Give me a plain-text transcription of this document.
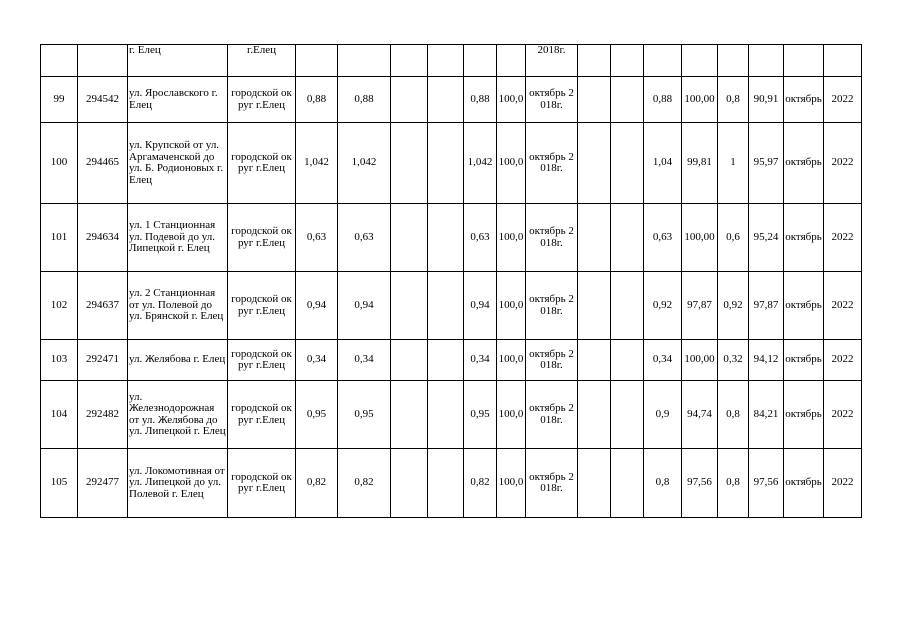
		г. Елец	г.Елец							2018г.								
99	294542	ул. Ярославского г. Елец	городской округ г.Елец	0,88	0,88			0,88	100,0	октябрь 2018г.			0,88	100,00	0,8	90,91	октябрь	2022
100	294465	ул. Крупской от ул. Аргамаченской до ул. Б. Родионовых г. Елец	городской округ г.Елец	1,042	1,042			1,042	100,0	октябрь 2018г.			1,04	99,81	1	95,97	октябрь	2022
101	294634	ул. 1 Станционная ул. Подевой до ул. Липецкой г. Елец	городской округ г.Елец	0,63	0,63			0,63	100,0	октябрь 2018г.			0,63	100,00	0,6	95,24	октябрь	2022
102	294637	ул. 2 Станционная от ул. Полевой до ул. Брянской г. Елец	городской округ г.Елец	0,94	0,94			0,94	100,0	октябрь 2018г.			0,92	97,87	0,92	97,87	октябрь	2022
103	292471	ул. Желябова г. Елец	городской округ г.Елец	0,34	0,34			0,34	100,0	октябрь 2018г.			0,34	100,00	0,32	94,12	октябрь	2022
104	292482	ул. Железнодорожная от ул. Желябова до ул. Липецкой г. Елец	городской округ г.Елец	0,95	0,95			0,95	100,0	октябрь 2018г.			0,9	94,74	0,8	84,21	октябрь	2022
105	292477	ул. Локомотивная от ул. Липецкой до ул. Полевой г. Елец	городской округ г.Елец	0,82	0,82			0,82	100,0	октябрь 2018г.			0,8	97,56	0,8	97,56	октябрь	2022
